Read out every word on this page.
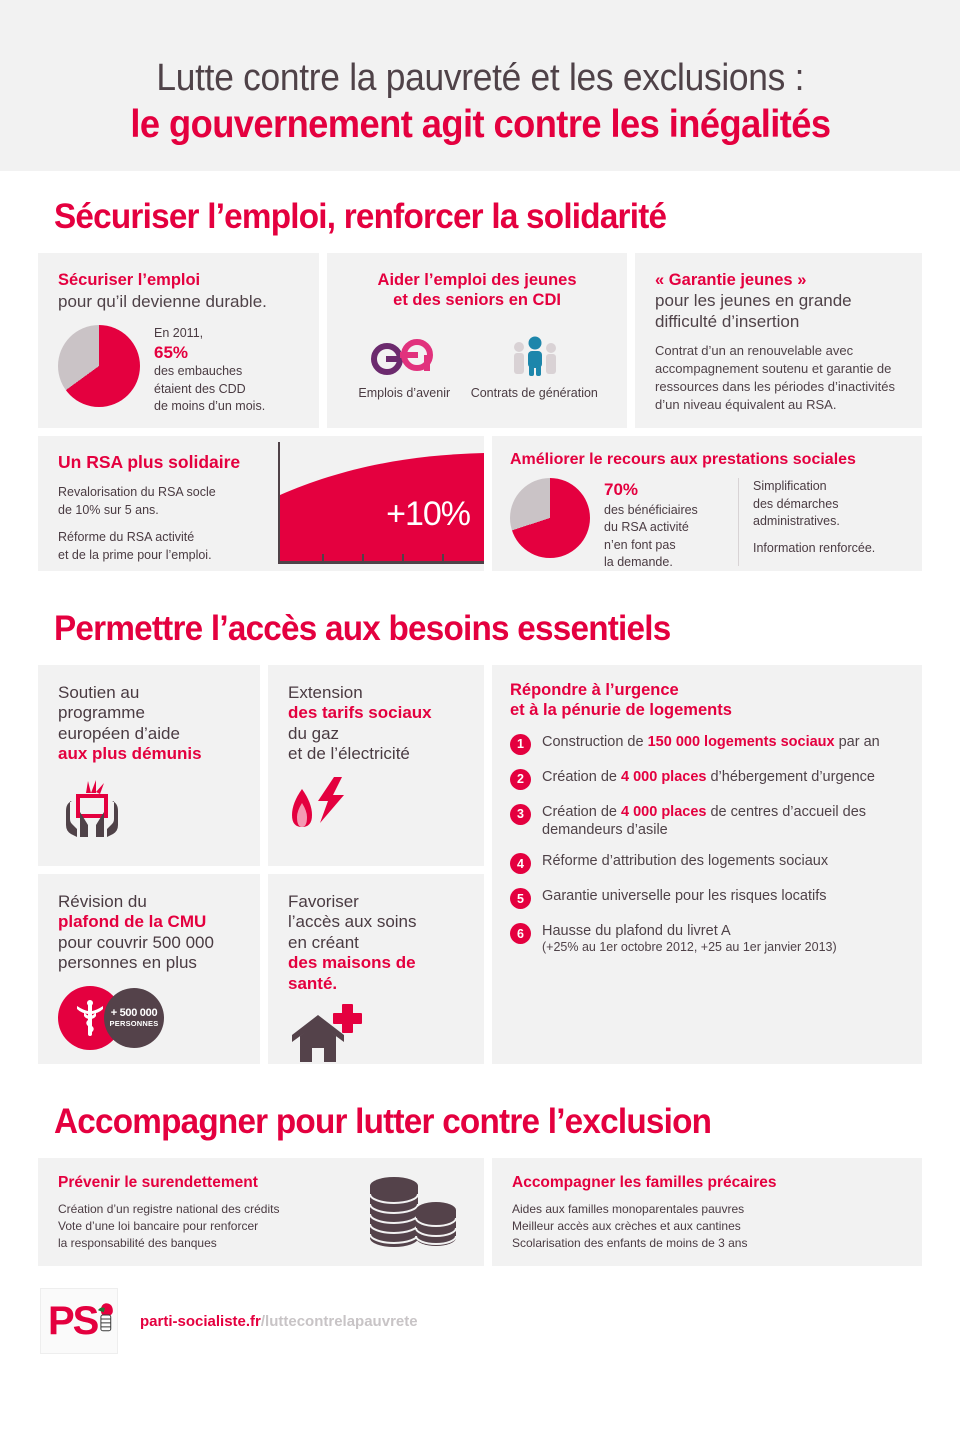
Lutte contre la pauvreté et les exclusions :
le gouvernement agit contre les inégalités
Sécuriser l’emploi, renforcer la solidarité
Sécuriser l’emploi
pour qu’il devienne durable.
En 2011,
65%
des embauches
étaient des CDD
de moins d’un mois.
Aider l’emploi des jeunes
et des seniors en CDI
Emplois d’avenir	Contrats de génération
« Garantie jeunes »
pour les jeunes en grande
difficulté d’insertion

Contrat d’un an renouvelable avec accompagnement soutenu et garantie de ressources dans les périodes d’inactivités d’un niveau équivalent au RSA.

Un RSA plus solidaire

Revalorisation du RSA socle
de 10% sur 5 ans.

Réforme du RSA activité
et de la prime pour l’emploi.

+10%
Améliorer le recours aux prestations sociales
70%
des bénéficiaires
du RSA activité
n’en font pas
la demande.
Simplification
des démarches
administratives.
Information renforcée.
Permettre l’accès aux besoins essentiels
Soutien au
programme
européen d’aide
aux plus démunis
Extension
des tarifs sociaux
du gaz
et de l’électricité
Révision du
plafond de la CMU
pour couvrir 500 000
personnes en plus
+ 500 000
PERSONNES
Favoriser
l’accès aux soins
en créant
des maisons de santé.
Répondre à l’urgence
et à la pénurie de logements
1	Construction de 150 000 logements sociaux par an
2	Création de 4 000 places d’hébergement d’urgence
3	Création de 4 000 places de centres d’accueil des demandeurs d’asile
4	Réforme d’attribution des logements sociaux
5	Garantie universelle pour les risques locatifs
6	Hausse du plafond du livret A
(+25% au 1er octobre 2012, +25 au 1er janvier 2013)
Accompagner pour lutter contre l’exclusion
Prévenir le surendettement
Création d’un registre national des crédits
Vote d’une loi bancaire pour renforcer
la responsabilité des banques
Accompagner les familles précaires
Aides aux familles monoparentales pauvres
Meilleur accès aux crèches et aux cantines
Scolarisation des enfants de moins de 3 ans
PS	parti-socialiste.fr/luttecontrelapauvrete
